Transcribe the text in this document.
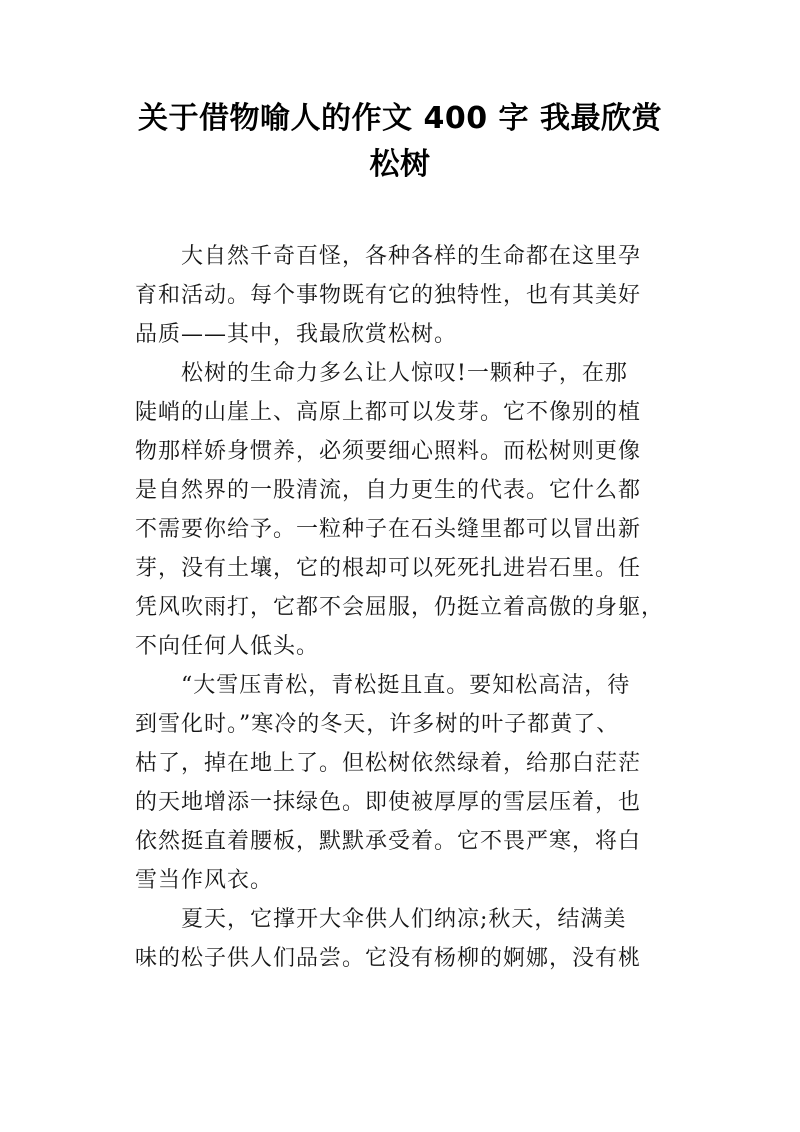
关于借物喻人的作文 400 字 我最欣赏
松树

大自然千奇百怪，各种各样的生命都在这里孕
育和活动。每个事物既有它的独特性，也有其美好
品质——其中，我最欣赏松树。

松树的生命力多么让人惊叹!一颗种子，在那
陡峭的山崖上、高原上都可以发芽。它不像别的植
物那样娇身惯养，必须要细心照料。而松树则更像
是自然界的一股清流，自力更生的代表。它什么都
不需要你给予。一粒种子在石头缝里都可以冒出新
芽，没有土壤，它的根却可以死死扎进岩石里。任
凭风吹雨打，它都不会屈服，仍挺立着高傲的身躯，
不向任何人低头。

“大雪压青松，青松挺且直。要知松高洁，待
到雪化时。”寒冷的冬天，许多树的叶子都黄了、
枯了，掉在地上了。但松树依然绿着，给那白茫茫
的天地增添一抹绿色。即使被厚厚的雪层压着，也
依然挺直着腰板，默默承受着。它不畏严寒，将白
雪当作风衣。

夏天，它撑开大伞供人们纳凉;秋天，结满美
味的松子供人们品尝。它没有杨柳的婀娜，没有桃
